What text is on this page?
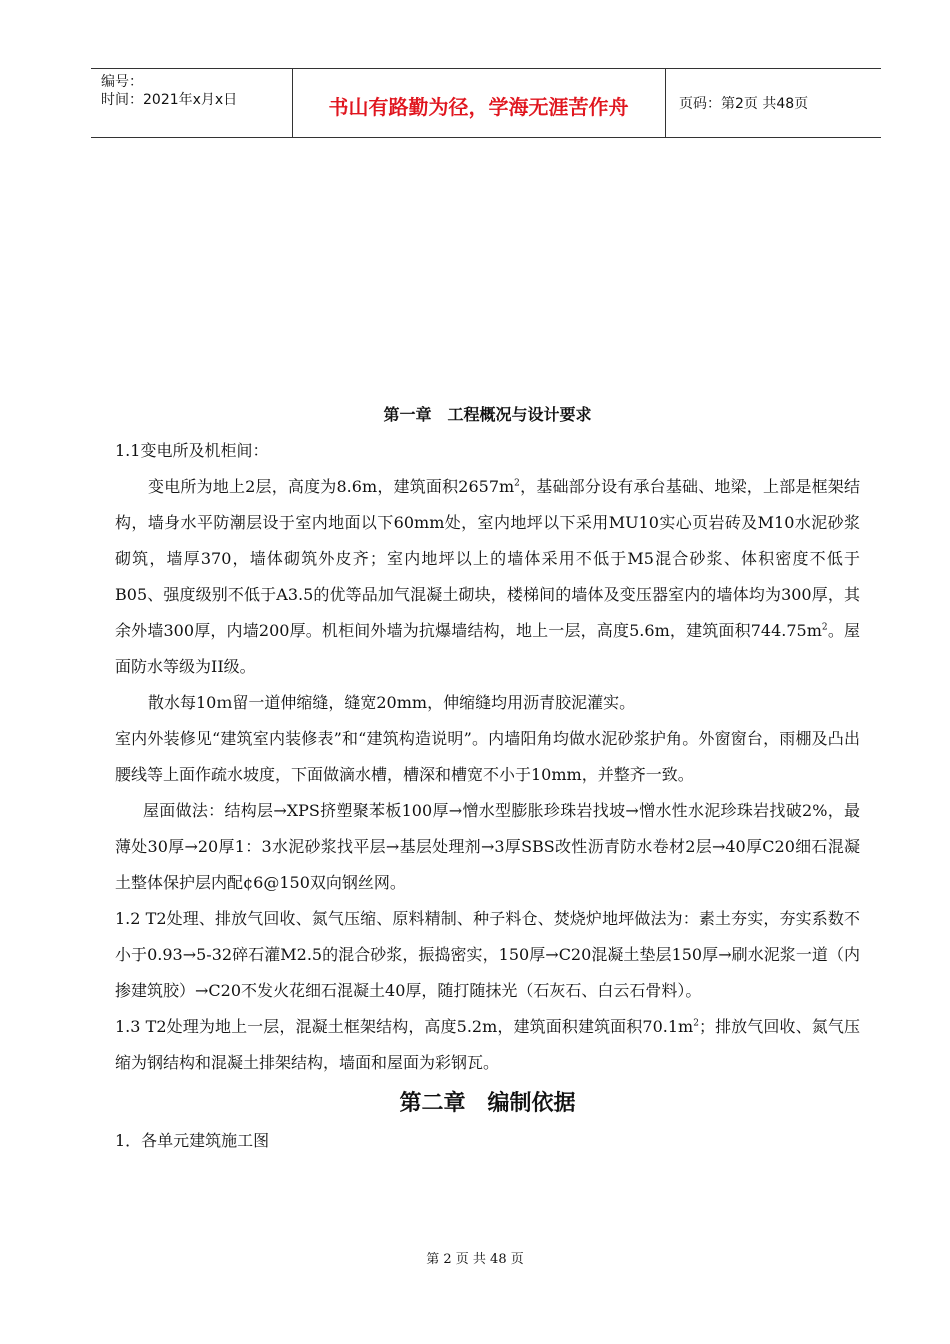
编号：
时间：2021年x月x日	书山有路勤为径，学海无涯苦作舟	页码：第2页 共48页

第一章　工程概况与设计要求

1.1变电所及机柜间：

变电所为地上2层，高度为8.6m，建筑面积$2657m^2$，基础部分设有承台基础、地梁，上部是框架结构，墙身水平防潮层设于室内地面以下60mm处，室内地坪以下采用MU10实心页岩砖及M10水泥砂浆砌筑，墙厚370，墙体砌筑外皮齐；室内地坪以上的墙体采用不低于M5混合砂浆、体积密度不低于B05、强度级别不低于A3.5的优等品加气混凝土砌块，楼梯间的墙体及变压器室内的墙体均为300厚，其余外墙300厚，内墙200厚。机柜间外墙为抗爆墙结构，地上一层，高度5.6m，建筑面积$744.75m^2$。屋面防水等级为II级。

散水每10ｍ留一道伸缩缝，缝宽20mm，伸缩缝均用沥青胶泥灌实。

室内外装修见“建筑室内装修表”和“建筑构造说明”。内墙阳角均做水泥砂浆护角。外窗窗台，雨棚及凸出腰线等上面作疏水坡度，下面做滴水槽，槽深和槽宽不小于10mm，并整齐一致。

屋面做法：结构层→XPS挤塑聚苯板100厚→憎水型膨胀珍珠岩找坡→憎水性水泥珍珠岩找破2%，最薄处30厚→20厚1：3水泥砂浆找平层→基层处理剂→3厚SBS改性沥青防水卷材2层→40厚C20细石混凝土整体保护层内配¢6@150双向钢丝网。

1.2 T2处理、排放气回收、氮气压缩、原料精制、种子料仓、焚烧炉地坪做法为：素土夯实，夯实系数不小于0.93→5-32碎石灌M2.5的混合砂浆，振捣密实，150厚→C20混凝土垫层150厚→刷水泥浆一道（内掺建筑胶）→C20不发火花细石混凝土40厚，随打随抹光（石灰石、白云石骨料）。

1.3 T2处理为地上一层，混凝土框架结构，高度5.2m，建筑面积建筑面积$70.1m^2$；排放气回收、氮气压缩为钢结构和混凝土排架结构，墙面和屋面为彩钢瓦。

第二章　编制依据

1．各单元建筑施工图

第 2 页 共 48 页
